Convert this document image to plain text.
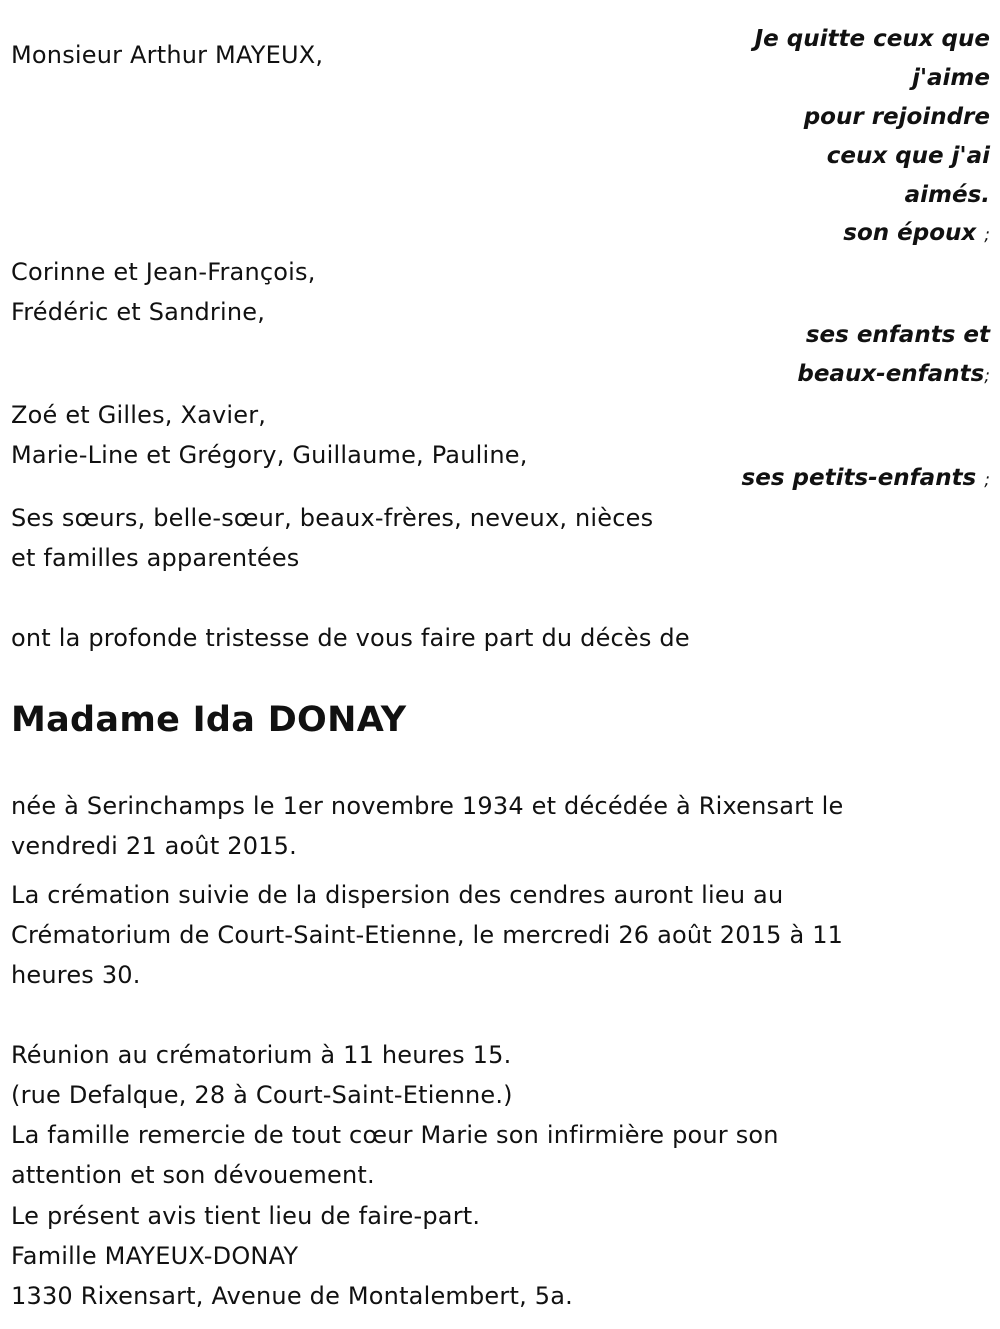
Monsieur Arthur MAYEUX,
Je quitte ceux que
j'aime
pour rejoindre
ceux que j'ai
aimés.
son époux ;
Corinne et Jean-François,
Frédéric et Sandrine,
ses enfants et
beaux-enfants;
Zoé et Gilles, Xavier,
Marie-Line et Grégory, Guillaume, Pauline,
ses petits-enfants ;
Ses sœurs, belle-sœur, beaux-frères, neveux, nièces
et familles apparentées
ont la profonde tristesse de vous faire part du décès de
Madame Ida DONAY
née à Serinchamps le 1er novembre 1934 et décédée à Rixensart le
vendredi 21 août 2015.
La crémation suivie de la dispersion des cendres auront lieu au
Crématorium de Court-Saint-Etienne, le mercredi 26 août 2015 à 11
heures 30.
Réunion au crématorium à 11 heures 15.
(rue Defalque, 28 à Court-Saint-Etienne.)
La famille remercie de tout cœur Marie son infirmière pour son
attention et son dévouement.
Le présent avis tient lieu de faire-part.
Famille MAYEUX-DONAY
1330 Rixensart, Avenue de Montalembert, 5a.
